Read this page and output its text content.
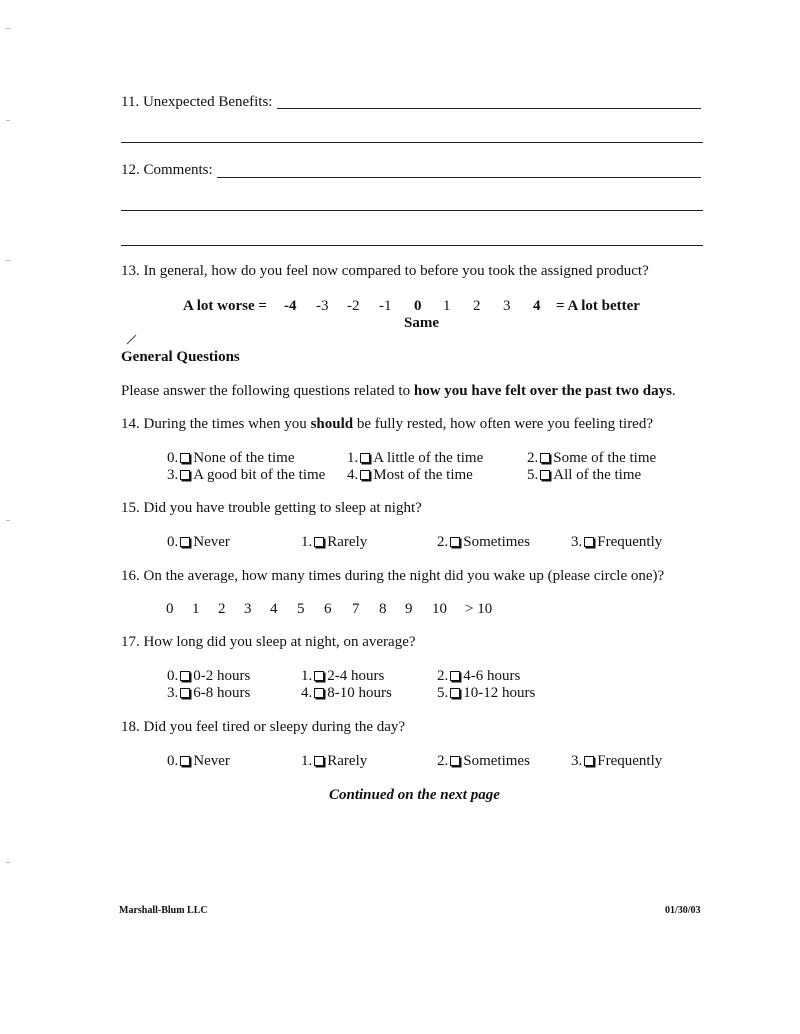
11. Unexpected Benefits:
12. Comments:
13. In general, how do you feel now compared to before you took the assigned product?
A lot worse = -4 -3 -2 -1 0 1 2 3 4 = A lot better
Same
General Questions
Please answer the following questions related to how you have felt over the past two days.
14. During the times when you should be fully rested, how often were you feeling tired?
0. None of the time	1. A little of the time	2. Some of the time
3. A good bit of the time 4. Most of the time	5. All of the time
15. Did you have trouble getting to sleep at night?
0. Never	1. Rarely	2. Sometimes	3. Frequently
16. On the average, how many times during the night did you wake up (please circle one)?
0 1 2 3 4 5 6 7 8 9 10 > 10
17. How long did you sleep at night, on average?
0. 0-2 hours	1. 2-4 hours	2. 4-6 hours
3. 6-8 hours	4. 8-10 hours	5. 10-12 hours
18. Did you feel tired or sleepy during the day?
0. Never	1. Rarely	2. Sometimes	3. Frequently
Continued on the next page
Marshall-Blum LLC	01/30/03
